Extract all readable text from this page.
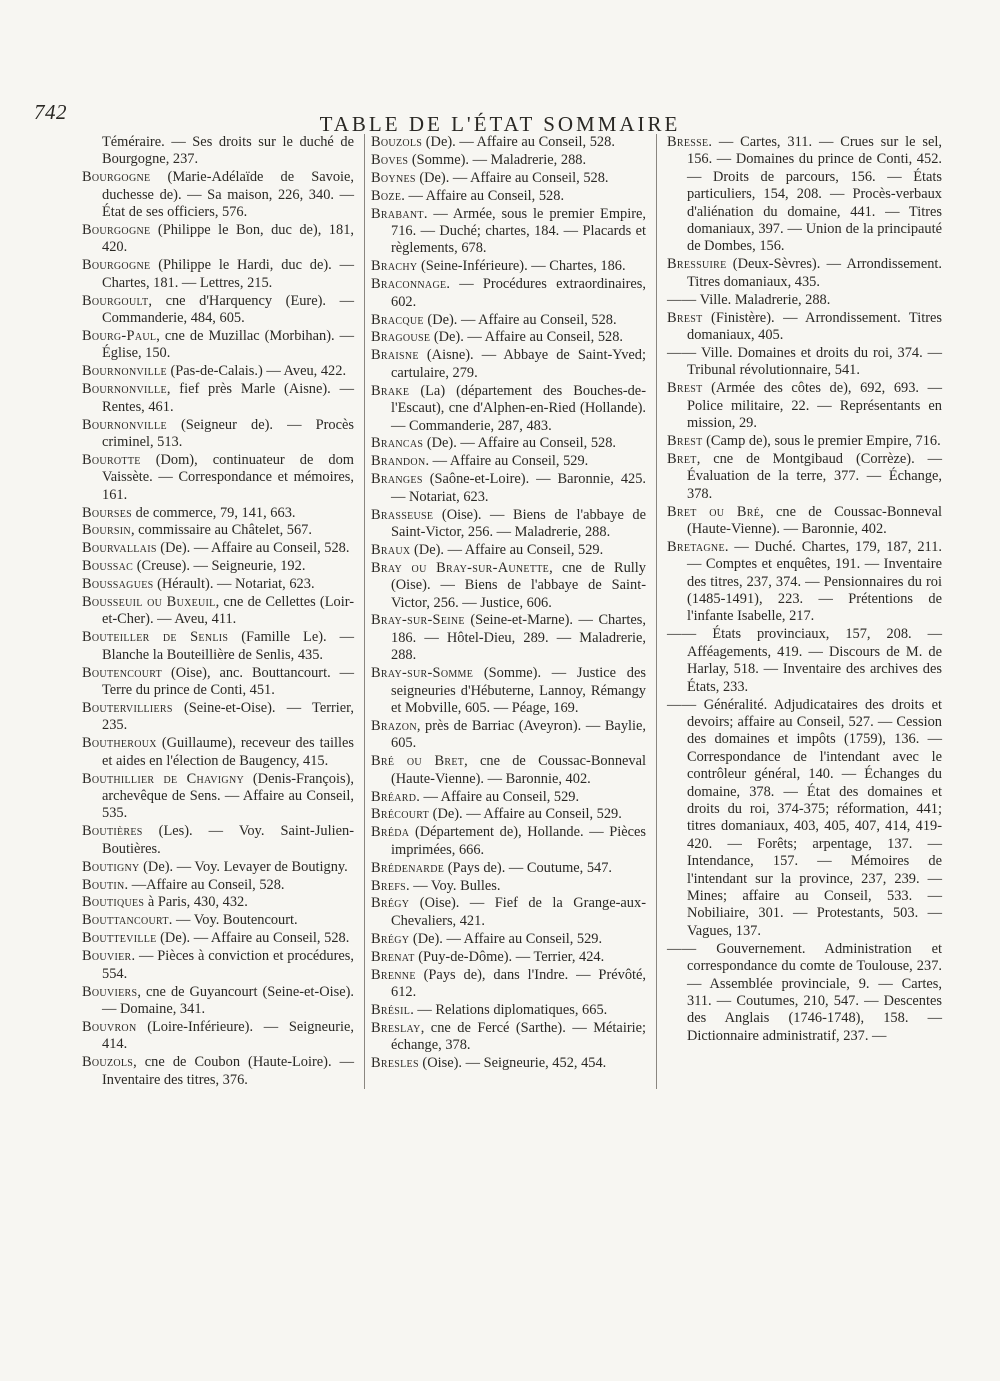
742
TABLE DE L'ÉTAT SOMMAIRE

Téméraire. — Ses droits sur le duché de Bourgogne, 237.

Bourgogne (Marie-Adélaïde de Savoie, duchesse de). — Sa maison, 226, 340. — État de ses officiers, 576.

Bourgogne (Philippe le Bon, duc de), 181, 420.

Bourgogne (Philippe le Hardi, duc de). — Chartes, 181. — Lettres, 215.

Bourgoult, cne d'Harquency (Eure). — Commanderie, 484, 605.

Bourg-Paul, cne de Muzillac (Morbihan). — Église, 150.

Bournonville (Pas-de-Calais.) — Aveu, 422.

Bournonville, fief près Marle (Aisne). — Rentes, 461.

Bournonville (Seigneur de). — Procès criminel, 513.

Bourotte (Dom), continuateur de dom Vaissète. — Correspondance et mémoires, 161.

Bourses de commerce, 79, 141, 663.

Boursin, commissaire au Châtelet, 567.

Bourvallais (De). — Affaire au Conseil, 528.

Boussac (Creuse). — Seigneurie, 192.

Boussagues (Hérault). — Notariat, 623.

Bousseuil ou Buxeuil, cne de Cellettes (Loir-et-Cher). — Aveu, 411.

Bouteiller de Senlis (Famille Le). — Blanche la Bouteillière de Senlis, 435.

Boutencourt (Oise), anc. Bouttancourt. — Terre du prince de Conti, 451.

Boutervilliers (Seine-et-Oise). — Terrier, 235.

Boutheroux (Guillaume), receveur des tailles et aides en l'élection de Baugency, 415.

Bouthillier de Chavigny (Denis-François), archevêque de Sens. — Affaire au Conseil, 535.

Boutières (Les). — Voy. Saint-Julien-Boutières.

Boutigny (De). — Voy. Levayer de Boutigny.

Boutin. —Affaire au Conseil, 528.

Boutiques à Paris, 430, 432.

Bouttancourt. — Voy. Boutencourt.

Boutteville (De). — Affaire au Conseil, 528.

Bouvier. — Pièces à conviction et procédures, 554.

Bouviers, cne de Guyancourt (Seine-et-Oise). — Domaine, 341.

Bouvron (Loire-Inférieure). — Seigneurie, 414.

Bouzols, cne de Coubon (Haute-Loire). — Inventaire des titres, 376.

Bouzols (De). — Affaire au Conseil, 528.

Boves (Somme). — Maladrerie, 288.

Boynes (De). — Affaire au Conseil, 528.

Boze. — Affaire au Conseil, 528.

Brabant. — Armée, sous le premier Empire, 716. — Duché; chartes, 184. — Placards et règlements, 678.

Brachy (Seine-Inférieure). — Chartes, 186.

Braconnage. — Procédures extraordinaires, 602.

Bracque (De). — Affaire au Conseil, 528.

Bragouse (De). — Affaire au Conseil, 528.

Braisne (Aisne). — Abbaye de Saint-Yved; cartulaire, 279.

Brake (La) (département des Bouches-de-l'Escaut), cne d'Alphen-en-Ried (Hollande). — Commanderie, 287, 483.

Brancas (De). — Affaire au Conseil, 528.

Brandon. — Affaire au Conseil, 529.

Branges (Saône-et-Loire). — Baronnie, 425. — Notariat, 623.

Brasseuse (Oise). — Biens de l'abbaye de Saint-Victor, 256. — Maladrerie, 288.

Braux (De). — Affaire au Conseil, 529.

Bray ou Bray-sur-Aunette, cne de Rully (Oise). — Biens de l'abbaye de Saint-Victor, 256. — Justice, 606.

Bray-sur-Seine (Seine-et-Marne). — Chartes, 186. — Hôtel-Dieu, 289. — Maladrerie, 288.

Bray-sur-Somme (Somme). — Justice des seigneuries d'Hébuterne, Lannoy, Rémangy et Mobville, 605. — Péage, 169.

Brazon, près de Barriac (Aveyron). — Baylie, 605.

Bré ou Bret, cne de Coussac-Bonneval (Haute-Vienne). — Baronnie, 402.

Bréard. — Affaire au Conseil, 529.

Brécourt (De). — Affaire au Conseil, 529.

Bréda (Département de), Hollande. — Pièces imprimées, 666.

Brédenarde (Pays de). — Coutume, 547.

Brefs. — Voy. Bulles.

Brégy (Oise). — Fief de la Grange-aux-Chevaliers, 421.

Brégy (De). — Affaire au Conseil, 529.

Brenat (Puy-de-Dôme). — Terrier, 424.

Brenne (Pays de), dans l'Indre. — Prévôté, 612.

Brésil. — Relations diplomatiques, 665.

Breslay, cne de Fercé (Sarthe). — Métairie; échange, 378.

Bresles (Oise). — Seigneurie, 452, 454.

Bresse. — Cartes, 311. — Crues sur le sel, 156. — Domaines du prince de Conti, 452. — Droits de parcours, 156. — États particuliers, 154, 208. — Procès-verbaux d'aliénation du domaine, 441. — Titres domaniaux, 397. — Union de la principauté de Dombes, 156.

Bressuire (Deux-Sèvres). — Arrondissement. Titres domaniaux, 435.

—— Ville. Maladrerie, 288.

Brest (Finistère). — Arrondissement. Titres domaniaux, 405.

—— Ville. Domaines et droits du roi, 374. — Tribunal révolutionnaire, 541.

Brest (Armée des côtes de), 692, 693. — Police militaire, 22. — Représentants en mission, 29.

Brest (Camp de), sous le premier Empire, 716.

Bret, cne de Montgibaud (Corrèze). — Évaluation de la terre, 377. — Échange, 378.

Bret ou Bré, cne de Coussac-Bonneval (Haute-Vienne). — Baronnie, 402.

Bretagne. — Duché. Chartes, 179, 187, 211. — Comptes et enquêtes, 191. — Inventaire des titres, 237, 374. — Pensionnaires du roi (1485-1491), 223. — Prétentions de l'infante Isabelle, 217.

—— États provinciaux, 157, 208. — Afféagements, 419. — Discours de M. de Harlay, 518. — Inventaire des archives des États, 233.

—— Généralité. Adjudicataires des droits et devoirs; affaire au Conseil, 527. — Cession des domaines et impôts (1759), 136. — Correspondance de l'intendant avec le contrôleur général, 140. — Échanges du domaine, 378. — État des domaines et droits du roi, 374-375; réformation, 441; titres domaniaux, 403, 405, 407, 414, 419-420. — Forêts; arpentage, 137. — Intendance, 157. — Mémoires de l'intendant sur la province, 237, 239. — Mines; affaire au Conseil, 533. — Nobiliaire, 301. — Protestants, 503. —Vagues, 137.

—— Gouvernement. Administration et correspondance du comte de Toulouse, 237. — Assemblée provinciale, 9. — Cartes, 311. — Coutumes, 210, 547. — Descentes des Anglais (1746-1748), 158. — Dictionnaire administratif, 237. —
